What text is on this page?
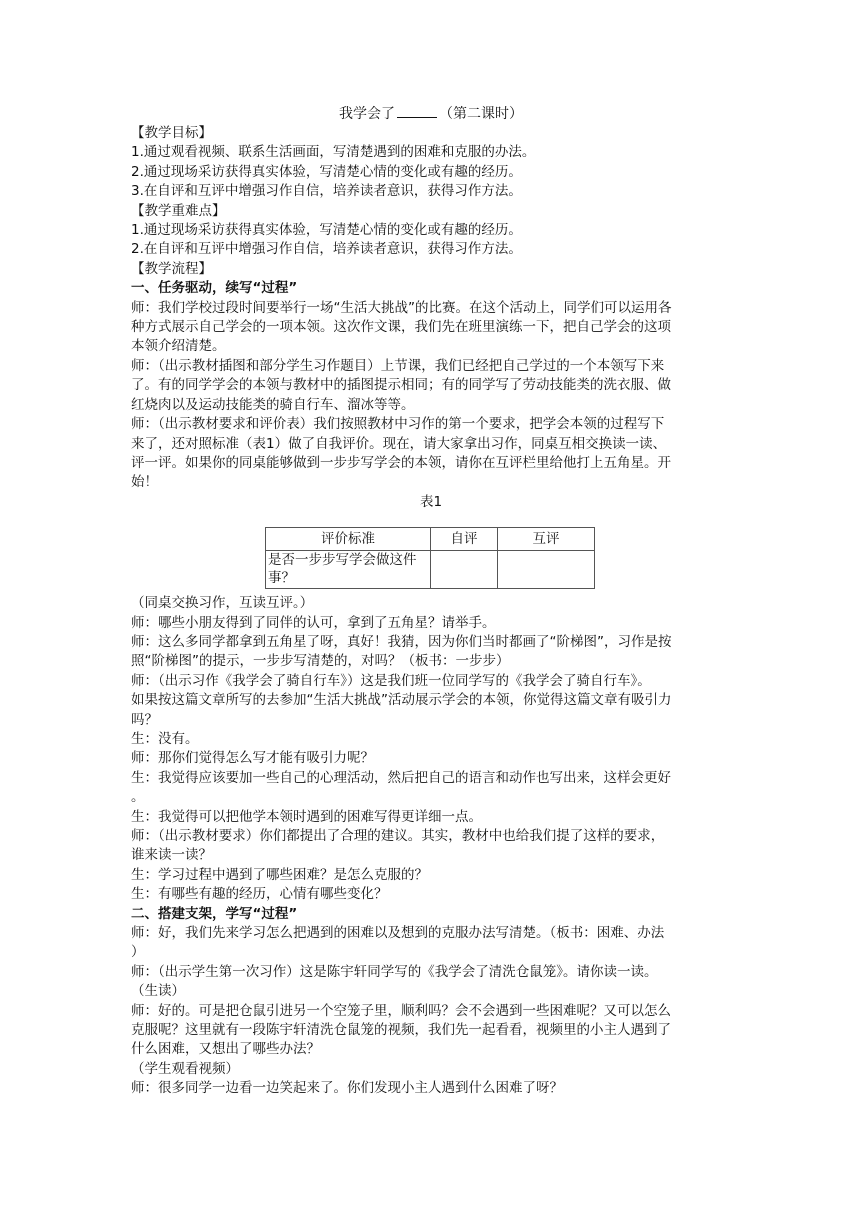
我学会了	（第二课时）

【教学目标】

1.通过观看视频、联系生活画面，写清楚遇到的困难和克服的办法。

2.通过现场采访获得真实体验，写清楚心情的变化或有趣的经历。

3.在自评和互评中增强习作自信，培养读者意识，获得习作方法。

【教学重难点】

1.通过现场采访获得真实体验，写清楚心情的变化或有趣的经历。

2.在自评和互评中增强习作自信，培养读者意识，获得习作方法。

【教学流程】

一、任务驱动，续写“过程”

师：我们学校过段时间要举行一场“生活大挑战”的比赛。在这个活动上，同学们可以运用各

种方式展示自己学会的一项本领。这次作文课，我们先在班里演练一下，把自己学会的这项

本领介绍清楚。

师：（出示教材插图和部分学生习作题目）上节课，我们已经把自己学过的一个本领写下来

了。有的同学学会的本领与教材中的插图提示相同；有的同学写了劳动技能类的洗衣服、做

红烧肉以及运动技能类的骑自行车、溜冰等等。

师：（出示教材要求和评价表）我们按照教材中习作的第一个要求，把学会本领的过程写下

来了，还对照标准（表1）做了自我评价。现在，请大家拿出习作，同桌互相交换读一读、

评一评。如果你的同桌能够做到一步步写学会的本领，请你在互评栏里给他打上五角星。开

始！

表1

评价标准	自评	互评
是否一步步写学会做这件事？		

（同桌交换习作，互读互评。）

师：哪些小朋友得到了同伴的认可，拿到了五角星？请举手。

师：这么多同学都拿到五角星了呀，真好！我猜，因为你们当时都画了“阶梯图”，习作是按

照“阶梯图”的提示，一步步写清楚的，对吗？（板书：一步步）

师：（出示习作《我学会了骑自行车》）这是我们班一位同学写的《我学会了骑自行车》。

如果按这篇文章所写的去参加“生活大挑战”活动展示学会的本领，你觉得这篇文章有吸引力

吗？

生：没有。

师：那你们觉得怎么写才能有吸引力呢？

生：我觉得应该要加一些自己的心理活动，然后把自己的语言和动作也写出来，这样会更好

。

生：我觉得可以把他学本领时遇到的困难写得更详细一点。

师：（出示教材要求）你们都提出了合理的建议。其实，教材中也给我们提了这样的要求，

谁来读一读？

生：学习过程中遇到了哪些困难？是怎么克服的？

生：有哪些有趣的经历，心情有哪些变化？

二、搭建支架，学写“过程”

师：好，我们先来学习怎么把遇到的困难以及想到的克服办法写清楚。（板书：困难、办法

）

师：（出示学生第一次习作）这是陈宇轩同学写的《我学会了清洗仓鼠笼》。请你读一读。

（生读）

师：好的。可是把仓鼠引进另一个空笼子里，顺利吗？会不会遇到一些困难呢？又可以怎么

克服呢？这里就有一段陈宇轩清洗仓鼠笼的视频，我们先一起看看，视频里的小主人遇到了

什么困难，又想出了哪些办法？

（学生观看视频）

师：很多同学一边看一边笑起来了。你们发现小主人遇到什么困难了呀？
